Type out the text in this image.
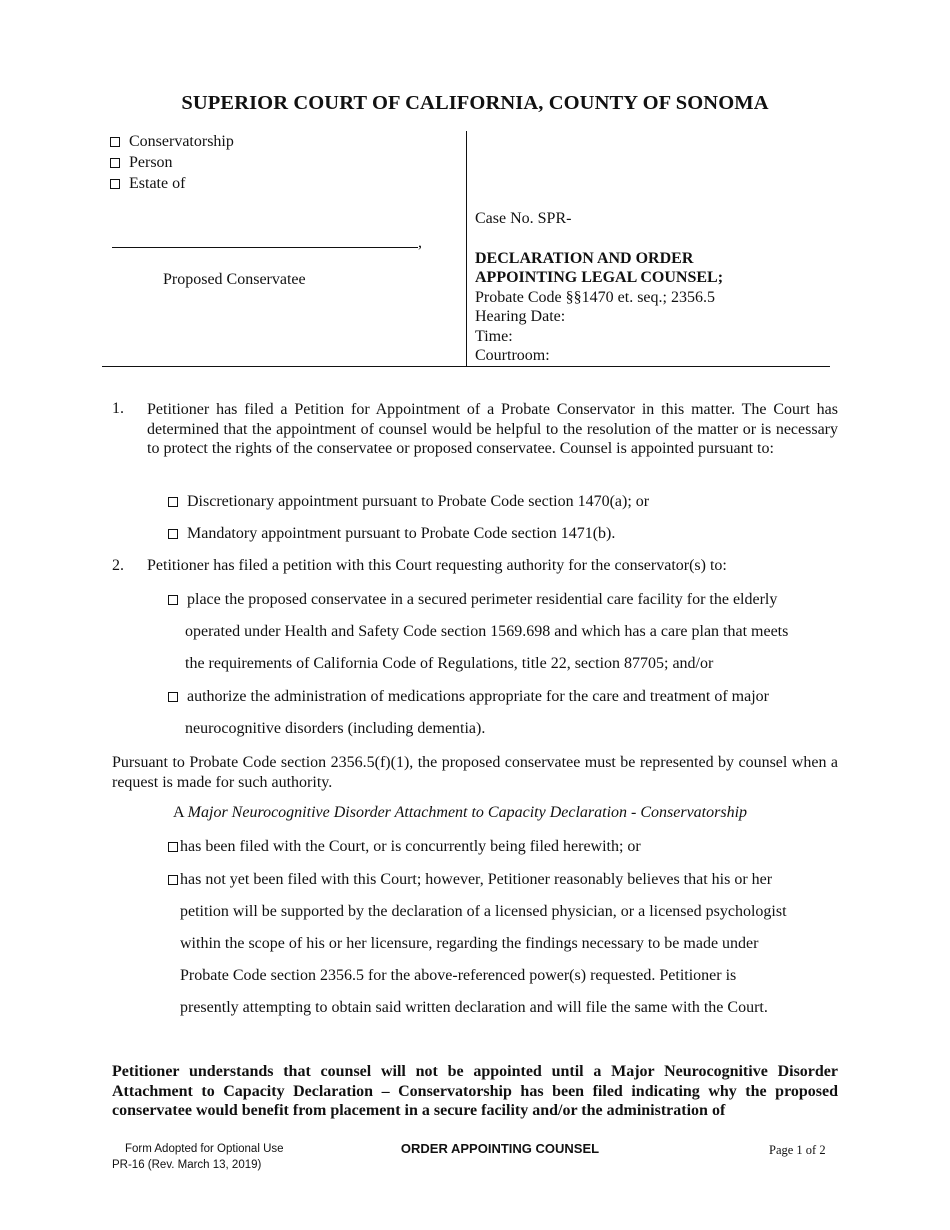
SUPERIOR COURT OF CALIFORNIA, COUNTY OF SONOMA
Conservatorship
Person
Estate of
,
Proposed Conservatee
Case No. SPR-
DECLARATION AND ORDER
APPOINTING LEGAL COUNSEL;
Probate Code §§1470 et. seq.; 2356.5
Hearing Date:
Time:
Courtroom:
1. Petitioner has filed a Petition for Appointment of a Probate Conservator in this matter. The Court has determined that the appointment of counsel would be helpful to the resolution of the matter or is necessary to protect the rights of the conservatee or proposed conservatee. Counsel is appointed pursuant to:
Discretionary appointment pursuant to Probate Code section 1470(a); or
Mandatory appointment pursuant to Probate Code section 1471(b).
2. Petitioner has filed a petition with this Court requesting authority for the conservator(s) to:
place the proposed conservatee in a secured perimeter residential care facility for the elderly
operated under Health and Safety Code section 1569.698 and which has a care plan that meets
the requirements of California Code of Regulations, title 22, section 87705; and/or
authorize the administration of medications appropriate for the care and treatment of major
neurocognitive disorders (including dementia).
Pursuant to Probate Code section 2356.5(f)(1), the proposed conservatee must be represented by counsel when a request is made for such authority.
A Major Neurocognitive Disorder Attachment to Capacity Declaration - Conservatorship
has been filed with the Court, or is concurrently being filed herewith; or
has not yet been filed with this Court; however, Petitioner reasonably believes that his or her
petition will be supported by the declaration of a licensed physician, or a licensed psychologist
within the scope of his or her licensure, regarding the findings necessary to be made under
Probate Code section 2356.5 for the above-referenced power(s) requested. Petitioner is
presently attempting to obtain said written declaration and will file the same with the Court.
Petitioner understands that counsel will not be appointed until a Major Neurocognitive Disorder Attachment to Capacity Declaration – Conservatorship has been filed indicating why the proposed conservatee would benefit from placement in a secure facility and/or the administration of
Form Adopted for Optional Use
PR-16 (Rev. March 13, 2019)
ORDER APPOINTING COUNSEL	Page 1 of 2
